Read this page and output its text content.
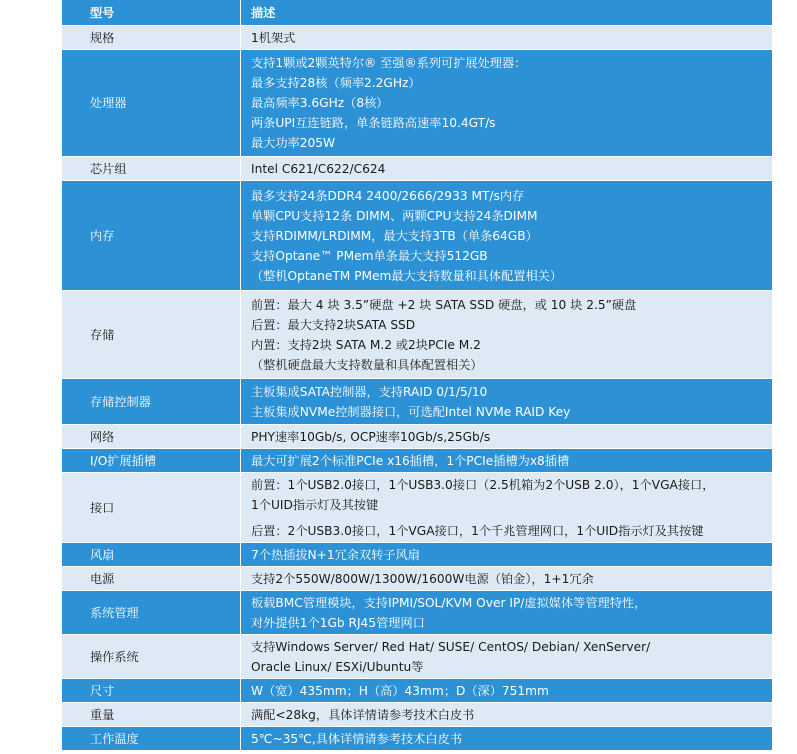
型号	描述
规格	1机架式

处理器	支持1颗或2颗英特尔® 至强®系列可扩展处理器：
最多支持28核（频率2.2GHz）
最高频率3.6GHz（8核）
两条UPI互连链路，单条链路高速率10.4GT/s
最大功率205W

芯片组	Intel C621/C622/C624

内存	最多支持24条DDR4 2400/2666/2933 MT/s内存
单颗CPU支持12条 DIMM、两颗CPU支持24条DIMM
支持RDIMM/LRDIMM，最大支持3TB（单条64GB）
支持Optane™ PMem单条最大支持512GB
（整机OptaneTM PMem最大支持数量和具体配置相关）

存储	前置：最大 4 块 3.5”硬盘 +2 块 SATA SSD 硬盘，或 10 块 2.5”硬盘
后置：最大支持2块SATA SSD
内置：支持2块 SATA M.2 或2块PCIe M.2
（整机硬盘最大支持数量和具体配置相关）

存储控制器	主板集成SATA控制器，支持RAID 0/1/5/10
主板集成NVMe控制器接口，可选配Intel NVMe RAID Key

网络	PHY速率10Gb/s, OCP速率10Gb/s,25Gb/s

I/O扩展插槽	最大可扩展2个标准PCIe x16插槽，1个PCIe插槽为x8插槽

接口	前置：1个USB2.0接口，1个USB3.0接口（2.5机箱为2个USB 2.0），1个VGA接口，
1个UID指示灯及其按键
后置：2个USB3.0接口，1个VGA接口，1个千兆管理网口，1个UID指示灯及其按键

风扇	7个热插拔N+1冗余双转子风扇

电源	支持2个550W/800W/1300W/1600W电源（铂金），1+1冗余

系统管理	板载BMC管理模块，支持IPMI/SOL/KVM Over IP/虚拟媒体等管理特性，
对外提供1个1Gb RJ45管理网口

操作系统	支持Windows Server/ Red Hat/ SUSE/ CentOS/ Debian/ XenServer/
Oracle Linux/ ESXi/Ubuntu等

尺寸	W（宽）435mm；H（高）43mm；D（深）751mm

重量	满配<28kg，具体详情请参考技术白皮书

工作温度	5℃~35℃,具体详情请参考技术白皮书
